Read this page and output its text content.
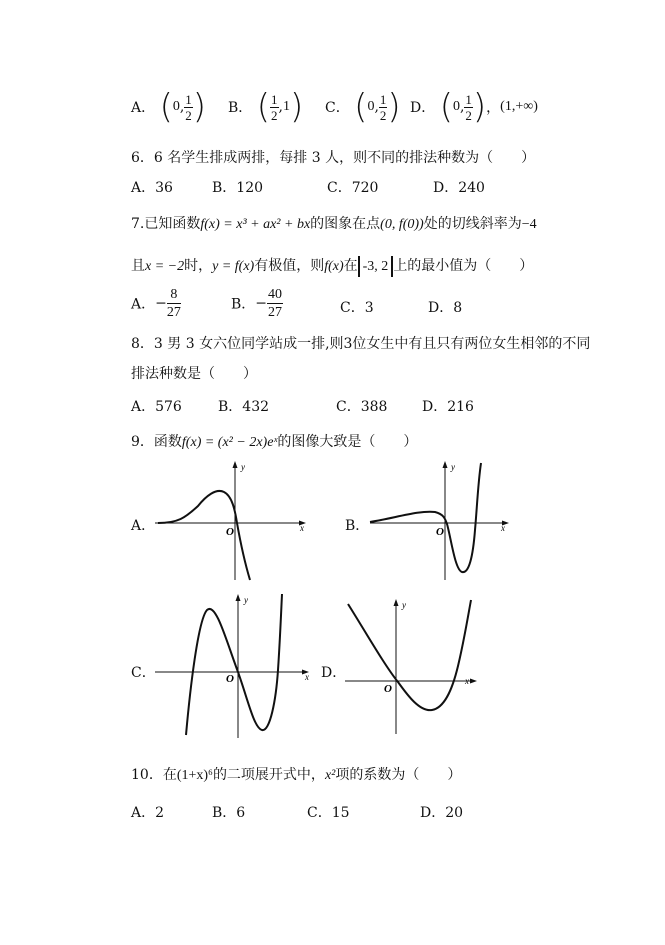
A． (0, $\frac{1}{2}$ ) B． ( $\frac{1}{2} ,1$) C． (0, $\frac{1}{2}$ ) D． (0, $\frac{1}{2}$ )，(1,+∞)
6．6 名学生排成两排，每排 3 人，则不同的排法种数为（　　）
A．36	B．120	C．720	D．240
7.已知函数f(x) = x³ + ax² + bx的图象在点(0, f(0))处的切线斜率为−4
且x = −2时，y = f(x)有极值，则f(x)在 -3, 2 上的最小值为（　　）
A．− $\frac{8}{27}$	B．− $\frac{40}{27}$	C．3	D．8
8．3 男 3 女六位同学站成一排,则3位女生中有且只有两位女生相邻的不同
排法种数是（　　）
A．576	B．432	C．388 D．216
9．函数f(x) = (x² − 2x)eˣ的图像大致是（　　）
A．
y
x
O	B．
y
x
O
C．
y
x
O	D．
y
x
O
10．在(1+x)⁶的二项展开式中，x²项的系数为（　　）
A．2	B．6	C．15	D．20
